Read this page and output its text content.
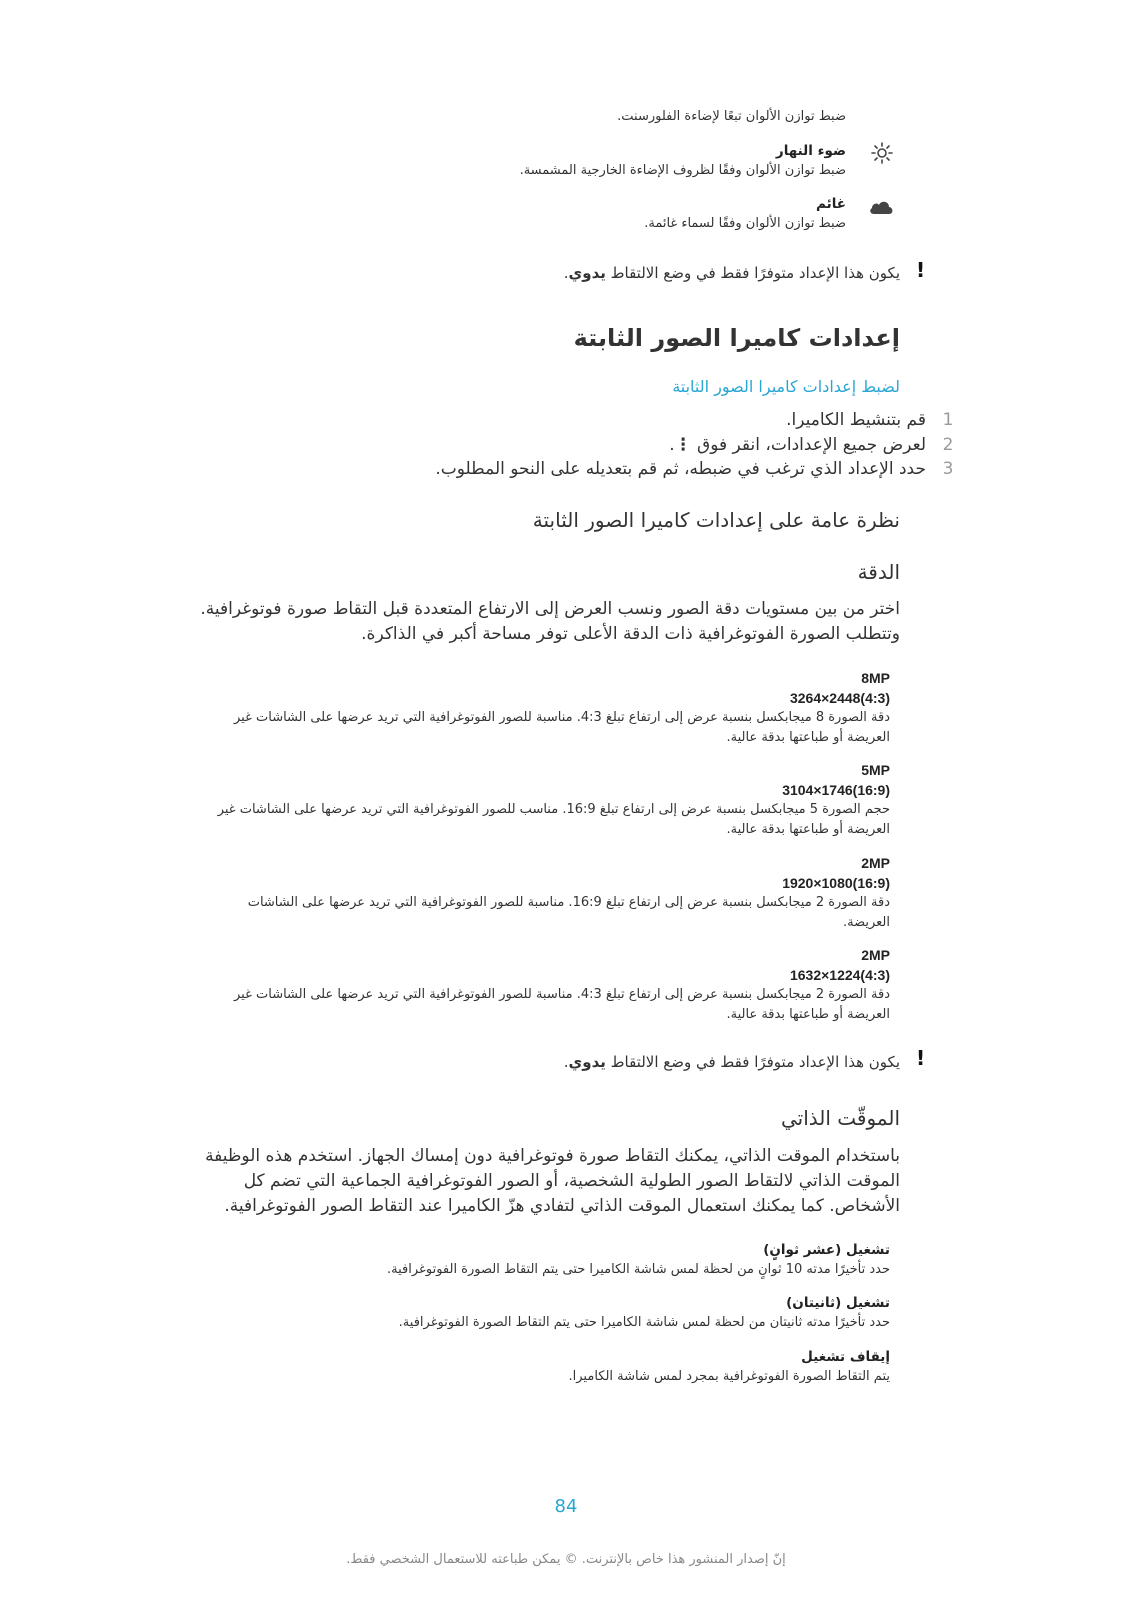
ضبط توازن الألوان تبعًا لإضاءة الفلورسنت.
ضوء النهار
ضبط توازن الألوان وفقًا لظروف الإضاءة الخارجية المشمسة.
غائم
ضبط توازن الألوان وفقًا لسماء غائمة.
!
يكون هذا الإعداد متوفرًا فقط في وضع الالتقاط يدوي.
إعدادات كاميرا الصور الثابتة
لضبط إعدادات كاميرا الصور الثابتة
1
قم بتنشيط الكاميرا.
2
لعرض جميع الإعدادات، انقر فوق ⋮.
3
حدد الإعداد الذي ترغب في ضبطه، ثم قم بتعديله على النحو المطلوب.
نظرة عامة على إعدادات كاميرا الصور الثابتة
الدقة
اختر من بين مستويات دقة الصور ونسب العرض إلى الارتفاع المتعددة قبل التقاط صورة فوتوغرافية.
وتتطلب الصورة الفوتوغرافية ذات الدقة الأعلى توفر مساحة أكبر في الذاكرة.
8MP
3264×2448(4:3)
دقة الصورة 8 ميجابكسل بنسبة عرض إلى ارتفاع تبلغ 4:3. مناسبة للصور الفوتوغرافية التي تريد عرضها على الشاشات غير
العريضة أو طباعتها بدقة عالية.
5MP
3104×1746(16:9)
حجم الصورة 5 ميجابكسل بنسبة عرض إلى ارتفاع تبلغ 16:9. مناسب للصور الفوتوغرافية التي تريد عرضها على الشاشات غير
العريضة أو طباعتها بدقة عالية.
2MP
1920×1080(16:9)
دقة الصورة 2 ميجابكسل بنسبة عرض إلى ارتفاع تبلغ 16:9. مناسبة للصور الفوتوغرافية التي تريد عرضها على الشاشات
العريضة.
2MP
1632×1224(4:3)
دقة الصورة 2 ميجابكسل بنسبة عرض إلى ارتفاع تبلغ 4:3. مناسبة للصور الفوتوغرافية التي تريد عرضها على الشاشات غير
العريضة أو طباعتها بدقة عالية.
!
يكون هذا الإعداد متوفرًا فقط في وضع الالتقاط يدوي.
الموقّت الذاتي
باستخدام الموقت الذاتي، يمكنك التقاط صورة فوتوغرافية دون إمساك الجهاز. استخدم هذه الوظيفة
الموقت الذاتي لالتقاط الصور الطولية الشخصية، أو الصور الفوتوغرافية الجماعية التي تضم كل
الأشخاص. كما يمكنك استعمال الموقت الذاتي لتفادي هزّ الكاميرا عند التقاط الصور الفوتوغرافية.
تشغيل (عشر ثوانٍ)
حدد تأخيرًا مدته 10 ثوانٍ من لحظة لمس شاشة الكاميرا حتى يتم التقاط الصورة الفوتوغرافية.
تشغيل (ثانيتان)
حدد تأخيرًا مدته ثانيتان من لحظة لمس شاشة الكاميرا حتى يتم التقاط الصورة الفوتوغرافية.
إيقاف تشغيل
يتم التقاط الصورة الفوتوغرافية بمجرد لمس شاشة الكاميرا.
84
إنّ إصدار المنشور هذا خاص بالإنترنت. © يمكن طباعته للاستعمال الشخصي فقط.
